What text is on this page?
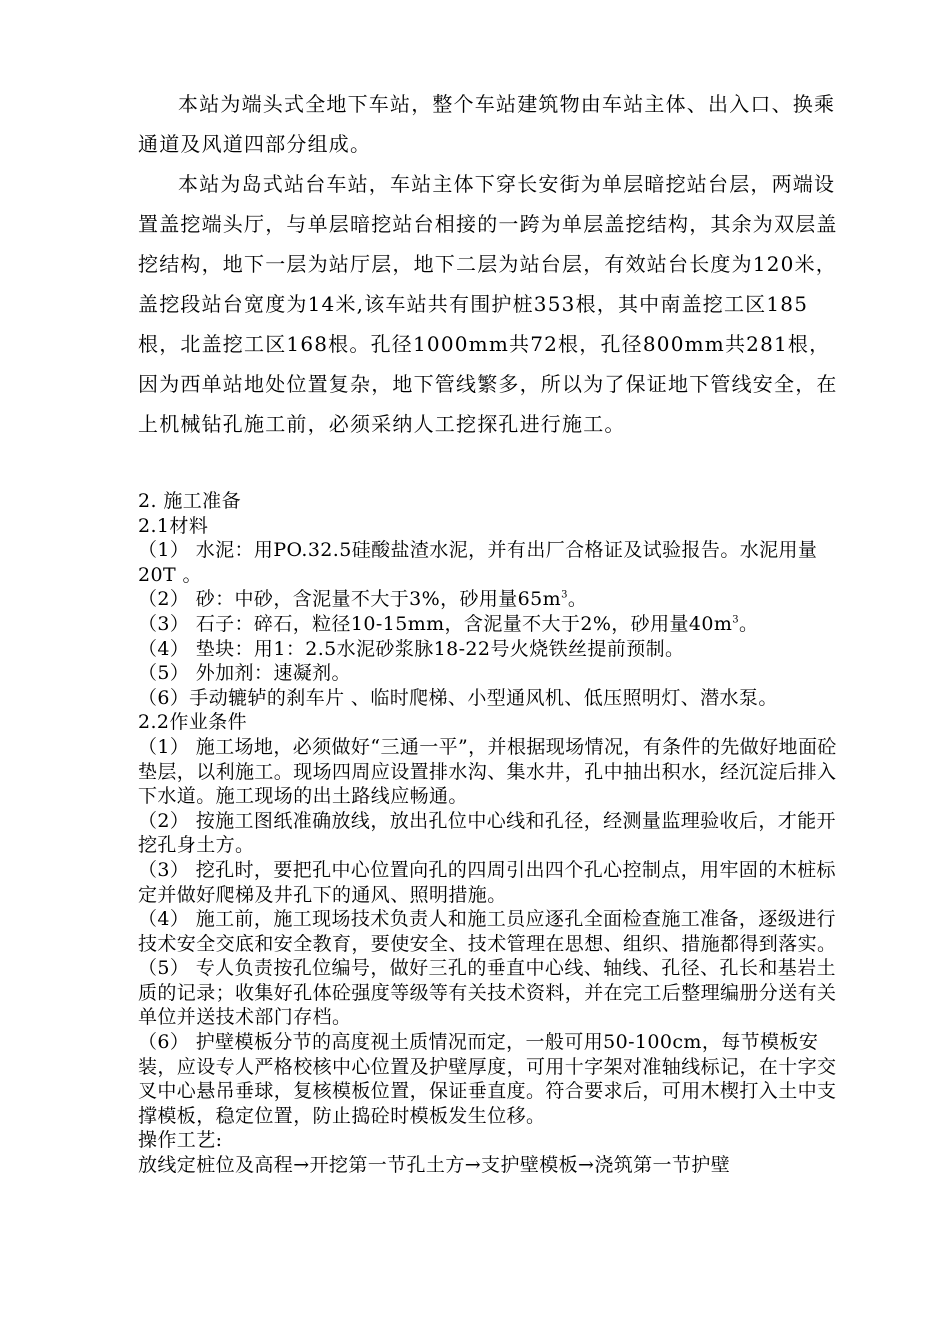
本站为端头式全地下车站，整个车站建筑物由车站主体、出入口、换乘通道及风道四部分组成。

本站为岛式站台车站，车站主体下穿长安街为单层暗挖站台层，两端设置盖挖端头厅，与单层暗挖站台相接的一跨为单层盖挖结构，其余为双层盖挖结构，地下一层为站厅层，地下二层为站台层，有效站台长度为120米，盖挖段站台宽度为14米,该车站共有围护桩353根，其中南盖挖工区185根，北盖挖工区168根。孔径1000mm共72根，孔径800mm共281根，因为西单站地处位置复杂，地下管线繁多，所以为了保证地下管线安全，在上机械钻孔施工前，必须采纳人工挖探孔进行施工。

2. 施工准备

2.1材料

（1） 水泥：用PO.32.5硅酸盐渣水泥，并有出厂合格证及试验报告。水泥用量20T 。

（2） 砂：中砂，含泥量不大于3%，砂用量$65m^3$。

（3） 石子：碎石，粒径10-15mm，含泥量不大于2%，砂用量$40m^3$。

（4） 垫块：用1：2.5水泥砂浆脉18-22号火烧铁丝提前预制。

（5） 外加剂：速凝剂。

（6）手动辘轳的刹车片 、临时爬梯、小型通风机、低压照明灯、潜水泵。

2.2作业条件

（1） 施工场地，必须做好“三通一平”，并根据现场情况，有条件的先做好地面砼垫层，以利施工。现场四周应设置排水沟、集水井，孔中抽出积水，经沉淀后排入下水道。施工现场的出土路线应畅通。

（2） 按施工图纸准确放线，放出孔位中心线和孔径，经测量监理验收后，才能开挖孔身土方。

（3） 挖孔时，要把孔中心位置向孔的四周引出四个孔心控制点，用牢固的木桩标定并做好爬梯及井孔下的通风、照明措施。

（4） 施工前，施工现场技术负责人和施工员应逐孔全面检查施工准备，逐级进行技术安全交底和安全教育，要使安全、技术管理在思想、组织、措施都得到落实。

（5） 专人负责按孔位编号，做好三孔的垂直中心线、轴线、孔径、孔长和基岩土质的记录；收集好孔体砼强度等级等有关技术资料，并在完工后整理编册分送有关单位并送技术部门存档。

（6） 护壁模板分节的高度视土质情况而定，一般可用50-100cm，每节模板安装，应设专人严格校核中心位置及护壁厚度，可用十字架对准轴线标记，在十字交叉中心悬吊垂球，复核模板位置，保证垂直度。符合要求后，可用木楔打入土中支撑模板，稳定位置，防止捣砼时模板发生位移。

操作工艺:

放线定桩位及高程→开挖第一节孔土方→支护壁模板→浇筑第一节护壁
